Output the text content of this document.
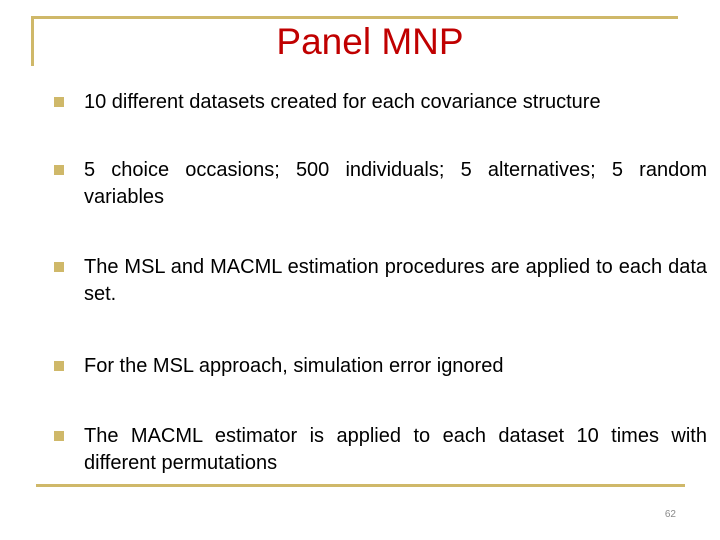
Panel MNP
10 different datasets created for each covariance structure
5 choice occasions; 500 individuals; 5 alternatives; 5 random variables
The MSL and MACML estimation procedures are applied to each data set.
For the MSL approach, simulation error ignored
The MACML estimator is applied to each dataset 10 times with different permutations
62
